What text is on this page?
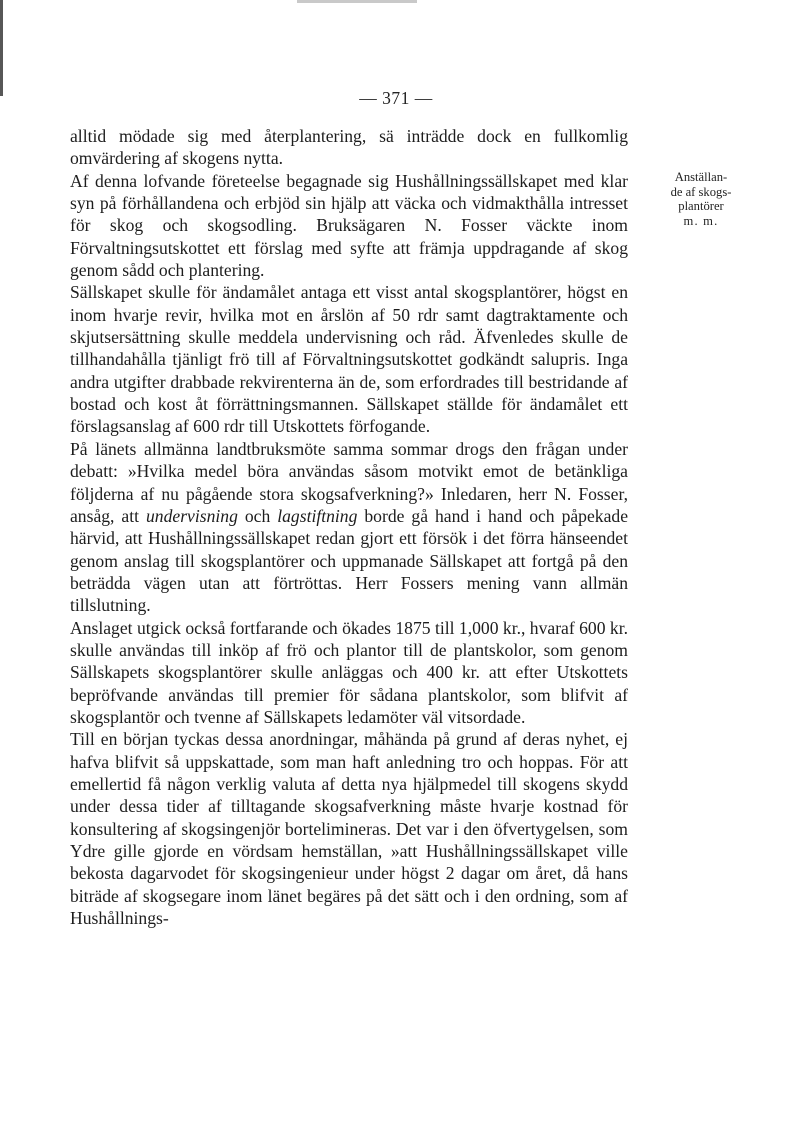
— 371 —

alltid mödade sig med återplantering, sä inträdde dock en fullkomlig omvärdering af skogens nytta.

Af denna lofvande företeelse begagnade sig Hushållningssällskapet med klar syn på förhållandena och erbjöd sin hjälp att väcka och vidmakthålla intresset för skog och skogsodling. Bruksägaren N. Fosser väckte inom Förvaltningsutskottet ett förslag med syfte att främja uppdragande af skog genom sådd och plantering.

Sällskapet skulle för ändamålet antaga ett visst antal skogsplantörer, högst en inom hvarje revir, hvilka mot en årslön af 50 rdr samt dagtraktamente och skjutsersättning skulle meddela undervisning och råd. Äfvenledes skulle de tillhandahålla tjänligt frö till af Förvaltningsutskottet godkändt salupris. Inga andra utgifter drabbade rekvirenterna än de, som erfordrades till bestridande af bostad och kost åt förrättningsmannen. Sällskapet ställde för ändamålet ett förslagsanslag af 600 rdr till Utskottets förfogande.

På länets allmänna landtbruksmöte samma sommar drogs den frågan under debatt: »Hvilka medel böra användas såsom motvikt emot de betänkliga följderna af nu pågående stora skogsafverkning?» Inledaren, herr N. Fosser, ansåg, att undervisning och lagstiftning borde gå hand i hand och påpekade härvid, att Hushållningssällskapet redan gjort ett försök i det förra hänseendet genom anslag till skogsplantörer och uppmanade Sällskapet att fortgå på den beträdda vägen utan att förtröttas. Herr Fossers mening vann allmän tillslutning.

Anslaget utgick också fortfarande och ökades 1875 till 1,000 kr., hvaraf 600 kr. skulle användas till inköp af frö och plantor till de plantskolor, som genom Sällskapets skogsplantörer skulle anläggas och 400 kr. att efter Utskottets bepröfvande användas till premier för sådana plantskolor, som blifvit af skogsplantör och tvenne af Sällskapets ledamöter väl vitsordade.

Till en början tyckas dessa anordningar, måhända på grund af deras nyhet, ej hafva blifvit så uppskattade, som man haft anledning tro och hoppas. För att emellertid få någon verklig valuta af detta nya hjälpmedel till skogens skydd under dessa tider af tilltagande skogsafverkning måste hvarje kostnad för konsultering af skogsingenjör bortelimineras. Det var i den öfvertygelsen, som Ydre gille gjorde en vördsam hemställan, »att Hushållningssällskapet ville bekosta dagarvodet för skogsingenieur under högst 2 dagar om året, då hans biträde af skogsegare inom länet begäres på det sätt och i den ordning, som af Hushållnings-

Anställan-
de af skogs-
plantörer
m. m.
